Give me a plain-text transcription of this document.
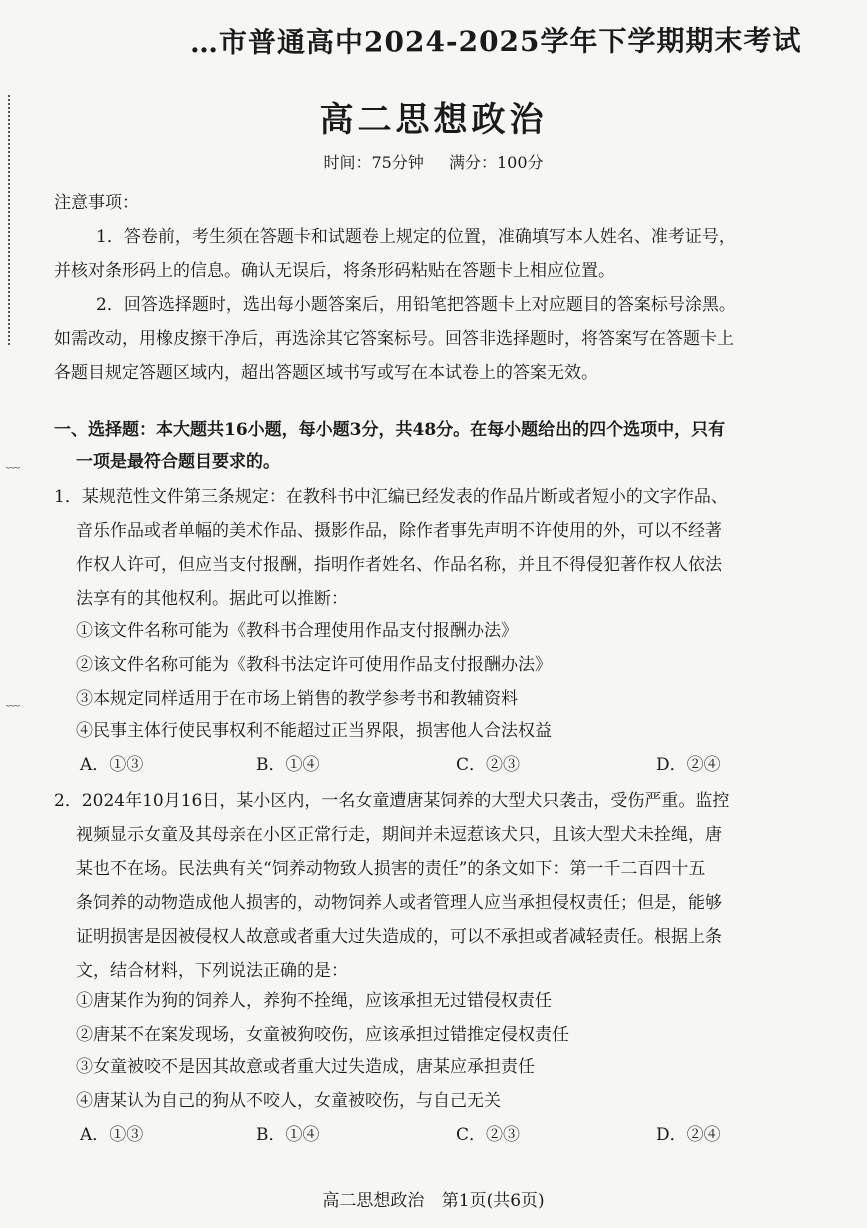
﹏
﹏
…市普通高中2024-2025学年下学期期末考试
高二思想政治
时间：75分钟 满分：100分
注意事项：
1．答卷前，考生须在答题卡和试题卷上规定的位置，准确填写本人姓名、准考证号，
并核对条形码上的信息。确认无误后，将条形码粘贴在答题卡上相应位置。
2．回答选择题时，选出每小题答案后，用铅笔把答题卡上对应题目的答案标号涂黑。
如需改动，用橡皮擦干净后，再选涂其它答案标号。回答非选择题时，将答案写在答题卡上
各题目规定答题区域内，超出答题区域书写或写在本试卷上的答案无效。
一、选择题：本大题共16小题，每小题3分，共48分。在每小题给出的四个选项中，只有
一项是最符合题目要求的。
1．某规范性文件第三条规定：在教科书中汇编已经发表的作品片断或者短小的文字作品、
音乐作品或者单幅的美术作品、摄影作品，除作者事先声明不许使用的外，可以不经著
作权人许可，但应当支付报酬，指明作者姓名、作品名称，并且不得侵犯著作权人依法
法享有的其他权利。据此可以推断：
①该文件名称可能为《教科书合理使用作品支付报酬办法》
②该文件名称可能为《教科书法定许可使用作品支付报酬办法》
③本规定同样适用于在市场上销售的教学参考书和教辅资料
④民事主体行使民事权利不能超过正当界限，损害他人合法权益
A．①③	B．①④	C．②③	D．②④
2．2024年10月16日，某小区内，一名女童遭唐某饲养的大型犬只袭击，受伤严重。监控
视频显示女童及其母亲在小区正常行走，期间并未逗惹该犬只，且该大型犬未拴绳，唐
某也不在场。民法典有关“饲养动物致人损害的责任”的条文如下：第一千二百四十五
条饲养的动物造成他人损害的，动物饲养人或者管理人应当承担侵权责任；但是，能够
证明损害是因被侵权人故意或者重大过失造成的，可以不承担或者减轻责任。根据上条
文，结合材料，下列说法正确的是：
①唐某作为狗的饲养人，养狗不拴绳，应该承担无过错侵权责任
②唐某不在案发现场，女童被狗咬伤，应该承担过错推定侵权责任
③女童被咬不是因其故意或者重大过失造成，唐某应承担责任
④唐某认为自己的狗从不咬人，女童被咬伤，与自己无关
A．①③	B．①④	C．②③	D．②④
高二思想政治 第1页(共6页)
